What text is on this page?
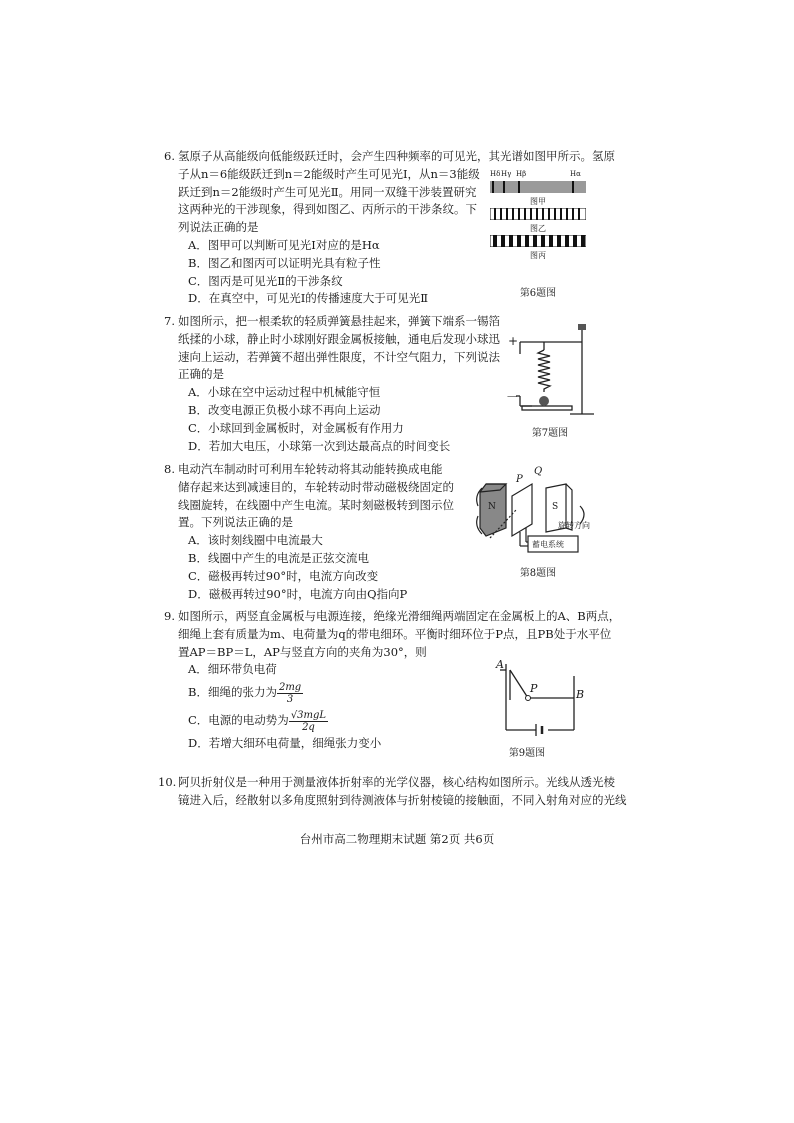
6. 氢原子从高能级向低能级跃迁时，会产生四种频率的可见光，其光谱如图甲所示。氢原
子从n＝6能级跃迁到n＝2能级时产生可见光Ⅰ，从n＝3能级
跃迁到n＝2能级时产生可见光Ⅱ。用同一双缝干涉装置研究
这两种光的干涉现象，得到如图乙、丙所示的干涉条纹。下
列说法正确的是
A．图甲可以判断可见光Ⅰ对应的是Hα
B．图乙和图丙可以证明光具有粒子性
C．图丙是可见光Ⅱ的干涉条纹
D．在真空中，可见光Ⅰ的传播速度大于可见光Ⅱ
Hδ Hγ Hβ	Hα
图甲
图乙
图丙
第6题图
7. 如图所示，把一根柔软的轻质弹簧悬挂起来，弹簧下端系一锡箔
纸揉的小球，静止时小球刚好跟金属板接触，通电后发现小球迅
速向上运动，若弹簧不超出弹性限度，不计空气阻力，下列说法
正确的是
A．小球在空中运动过程中机械能守恒
B．改变电源正负极小球不再向上运动
C．小球回到金属板时，对金属板有作用力
D．若加大电压，小球第一次到达最高点的时间变长
+
－
第7题图
8. 电动汽车制动时可利用车轮转动将其动能转换成电能
储存起来达到减速目的，车轮转动时带动磁极绕固定的
线圈旋转，在线圈中产生电流。某时刻磁极转到图示位
置。下列说法正确的是
A．该时刻线圈中电流最大
B．线圈中产生的电流是正弦交流电
C．磁极再转过90°时，电流方向改变
D．磁极再转过90°时，电流方向由Q指向P
N	S
P
Q
蓄电系统
旋转方向
第8题图
9. 如图所示，两竖直金属板与电源连接，绝缘光滑细绳两端固定在金属板上的A、B两点，
细绳上套有质量为m、电荷量为q的带电细环。平衡时细环位于P点，且PB处于水平位
置AP＝BP＝L，AP与竖直方向的夹角为30°，则
A．细环带负电荷
B．细绳的张力为 $\frac{2mg}{3}$
C．电源的电动势为 $\frac{\text{√3mgL}}{2q}$
D．若增大细环电荷量，细绳张力变小
A
P	B
第9题图
10. 阿贝折射仪是一种用于测量液体折射率的光学仪器，核心结构如图所示。光线从透光棱
镜进入后，经散射以多角度照射到待测液体与折射棱镜的接触面，不同入射角对应的光线
台州市高二物理期末试题 第2页 共6页
